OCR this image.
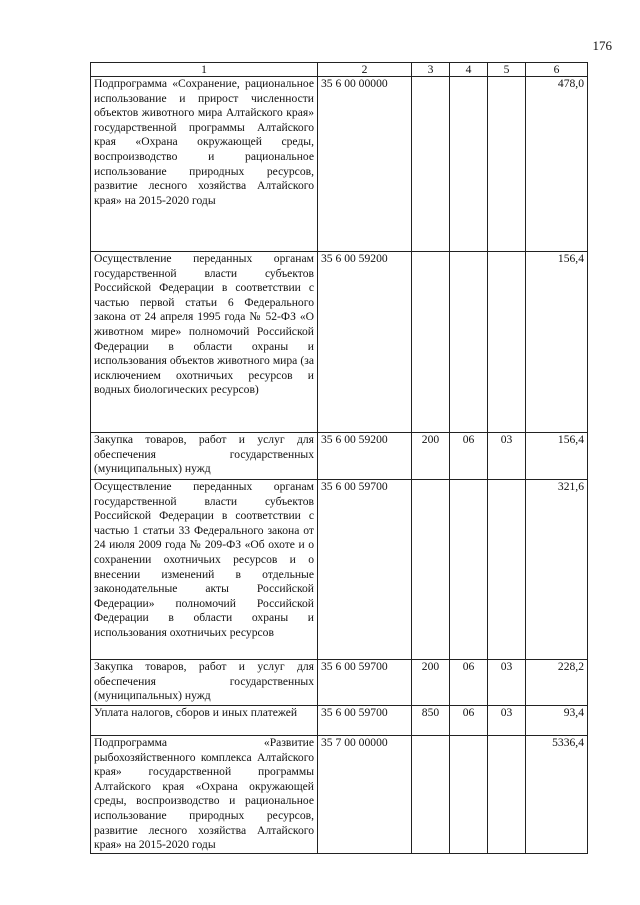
176
1	2	3	4	5	6
Подпрограмма «Сохранение, рациональное использование и прирост численности объектов животного мира Алтайского края» государственной программы Алтайского края «Охрана окружающей среды, воспроизводство и рациональное использование природных ресурсов, развитие лесного хозяйства Алтайского края» на 2015-2020 годы	35 6 00 00000				478,0
Осуществление переданных органам государственной власти субъектов Российской Федерации в соответствии с частью первой статьи 6 Федерального закона от 24 апреля 1995 года № 52-ФЗ «О животном мире» полномочий Российской Федерации в области охраны и использования объектов животного мира (за исключением охотничьих ресурсов и водных биологических ресурсов)	35 6 00 59200				156,4
Закупка товаров, работ и услуг для обеспечения государственных (муниципальных) нужд	35 6 00 59200	200	06	03	156,4
Осуществление переданных органам государственной власти субъектов Российской Федерации в соответствии с частью 1 статьи 33 Федерального закона от 24 июля 2009 года № 209-ФЗ «Об охоте и о сохранении охотничьих ресурсов и о внесении изменений в отдельные законодательные акты Российской Федерации» полномочий Российской Федерации в области охраны и использования охотничьих ресурсов	35 6 00 59700				321,6
Закупка товаров, работ и услуг для обеспечения государственных (муниципальных) нужд	35 6 00 59700	200	06	03	228,2
Уплата налогов, сборов и иных платежей	35 6 00 59700	850	06	03	93,4
Подпрограмма «Развитие рыбохозяйственного комплекса Алтайского края» государственной программы Алтайского края «Охрана окружающей среды, воспроизводство и рациональное использование природных ресурсов, развитие лесного хозяйства Алтайского края» на 2015-2020 годы	35 7 00 00000				5336,4
